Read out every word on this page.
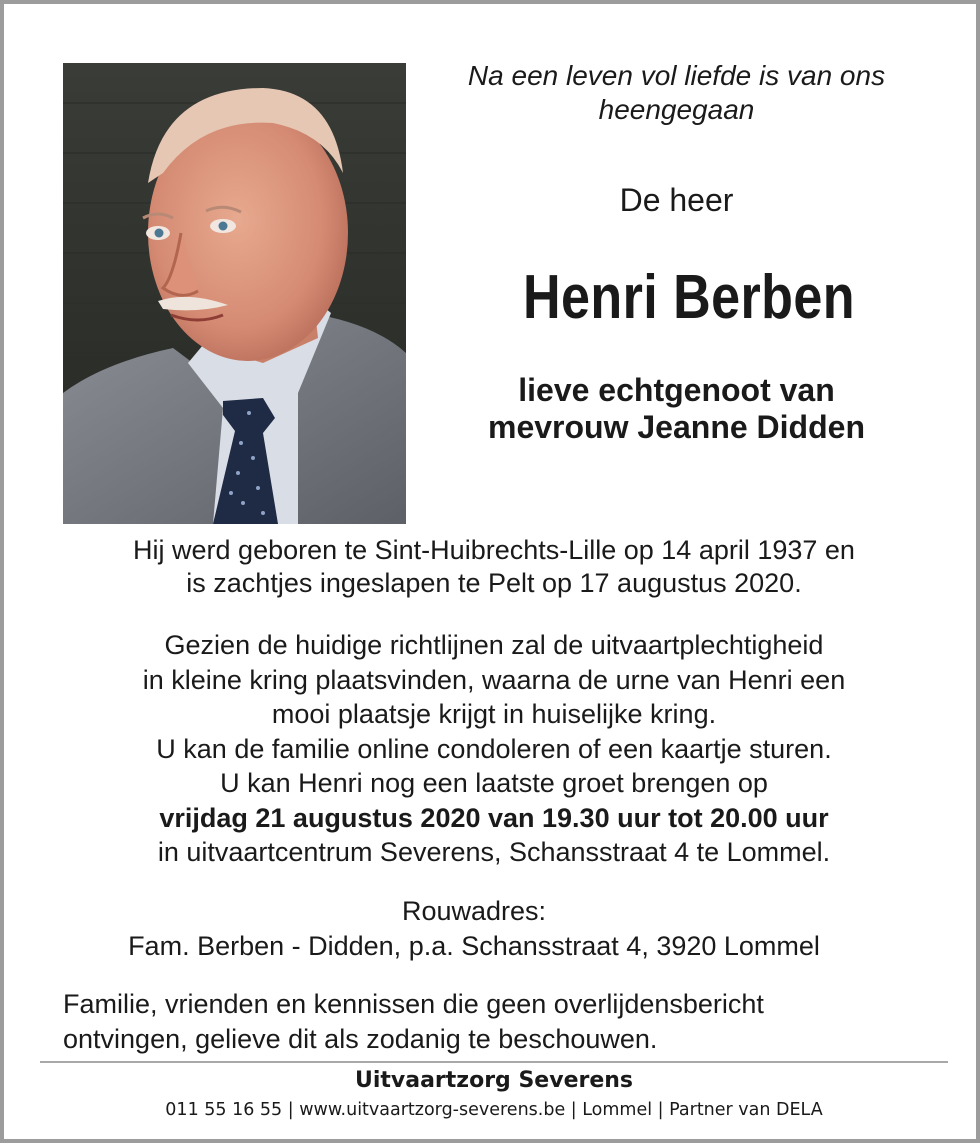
Na een leven vol liefde is van ons
heengegaan
De heer
Henri Berben
lieve echtgenoot van
mevrouw Jeanne Didden
Hij werd geboren te Sint-Huibrechts-Lille op 14 april 1937 en
is zachtjes ingeslapen te Pelt op 17 augustus 2020.
Gezien de huidige richtlijnen zal de uitvaartplechtigheid
in kleine kring plaatsvinden, waarna de urne van Henri een
mooi plaatsje krijgt in huiselijke kring.
U kan de familie online condoleren of een kaartje sturen.
U kan Henri nog een laatste groet brengen op
vrijdag 21 augustus 2020 van 19.30 uur tot 20.00 uur
in uitvaartcentrum Severens, Schansstraat 4 te Lommel.
Rouwadres:
Fam. Berben - Didden, p.a. Schansstraat 4, 3920 Lommel
Familie, vrienden en kennissen die geen overlijdensbericht
ontvingen, gelieve dit als zodanig te beschouwen.
Uitvaartzorg Severens
011 55 16 55 | www.uitvaartzorg-severens.be | Lommel | Partner van DELA
